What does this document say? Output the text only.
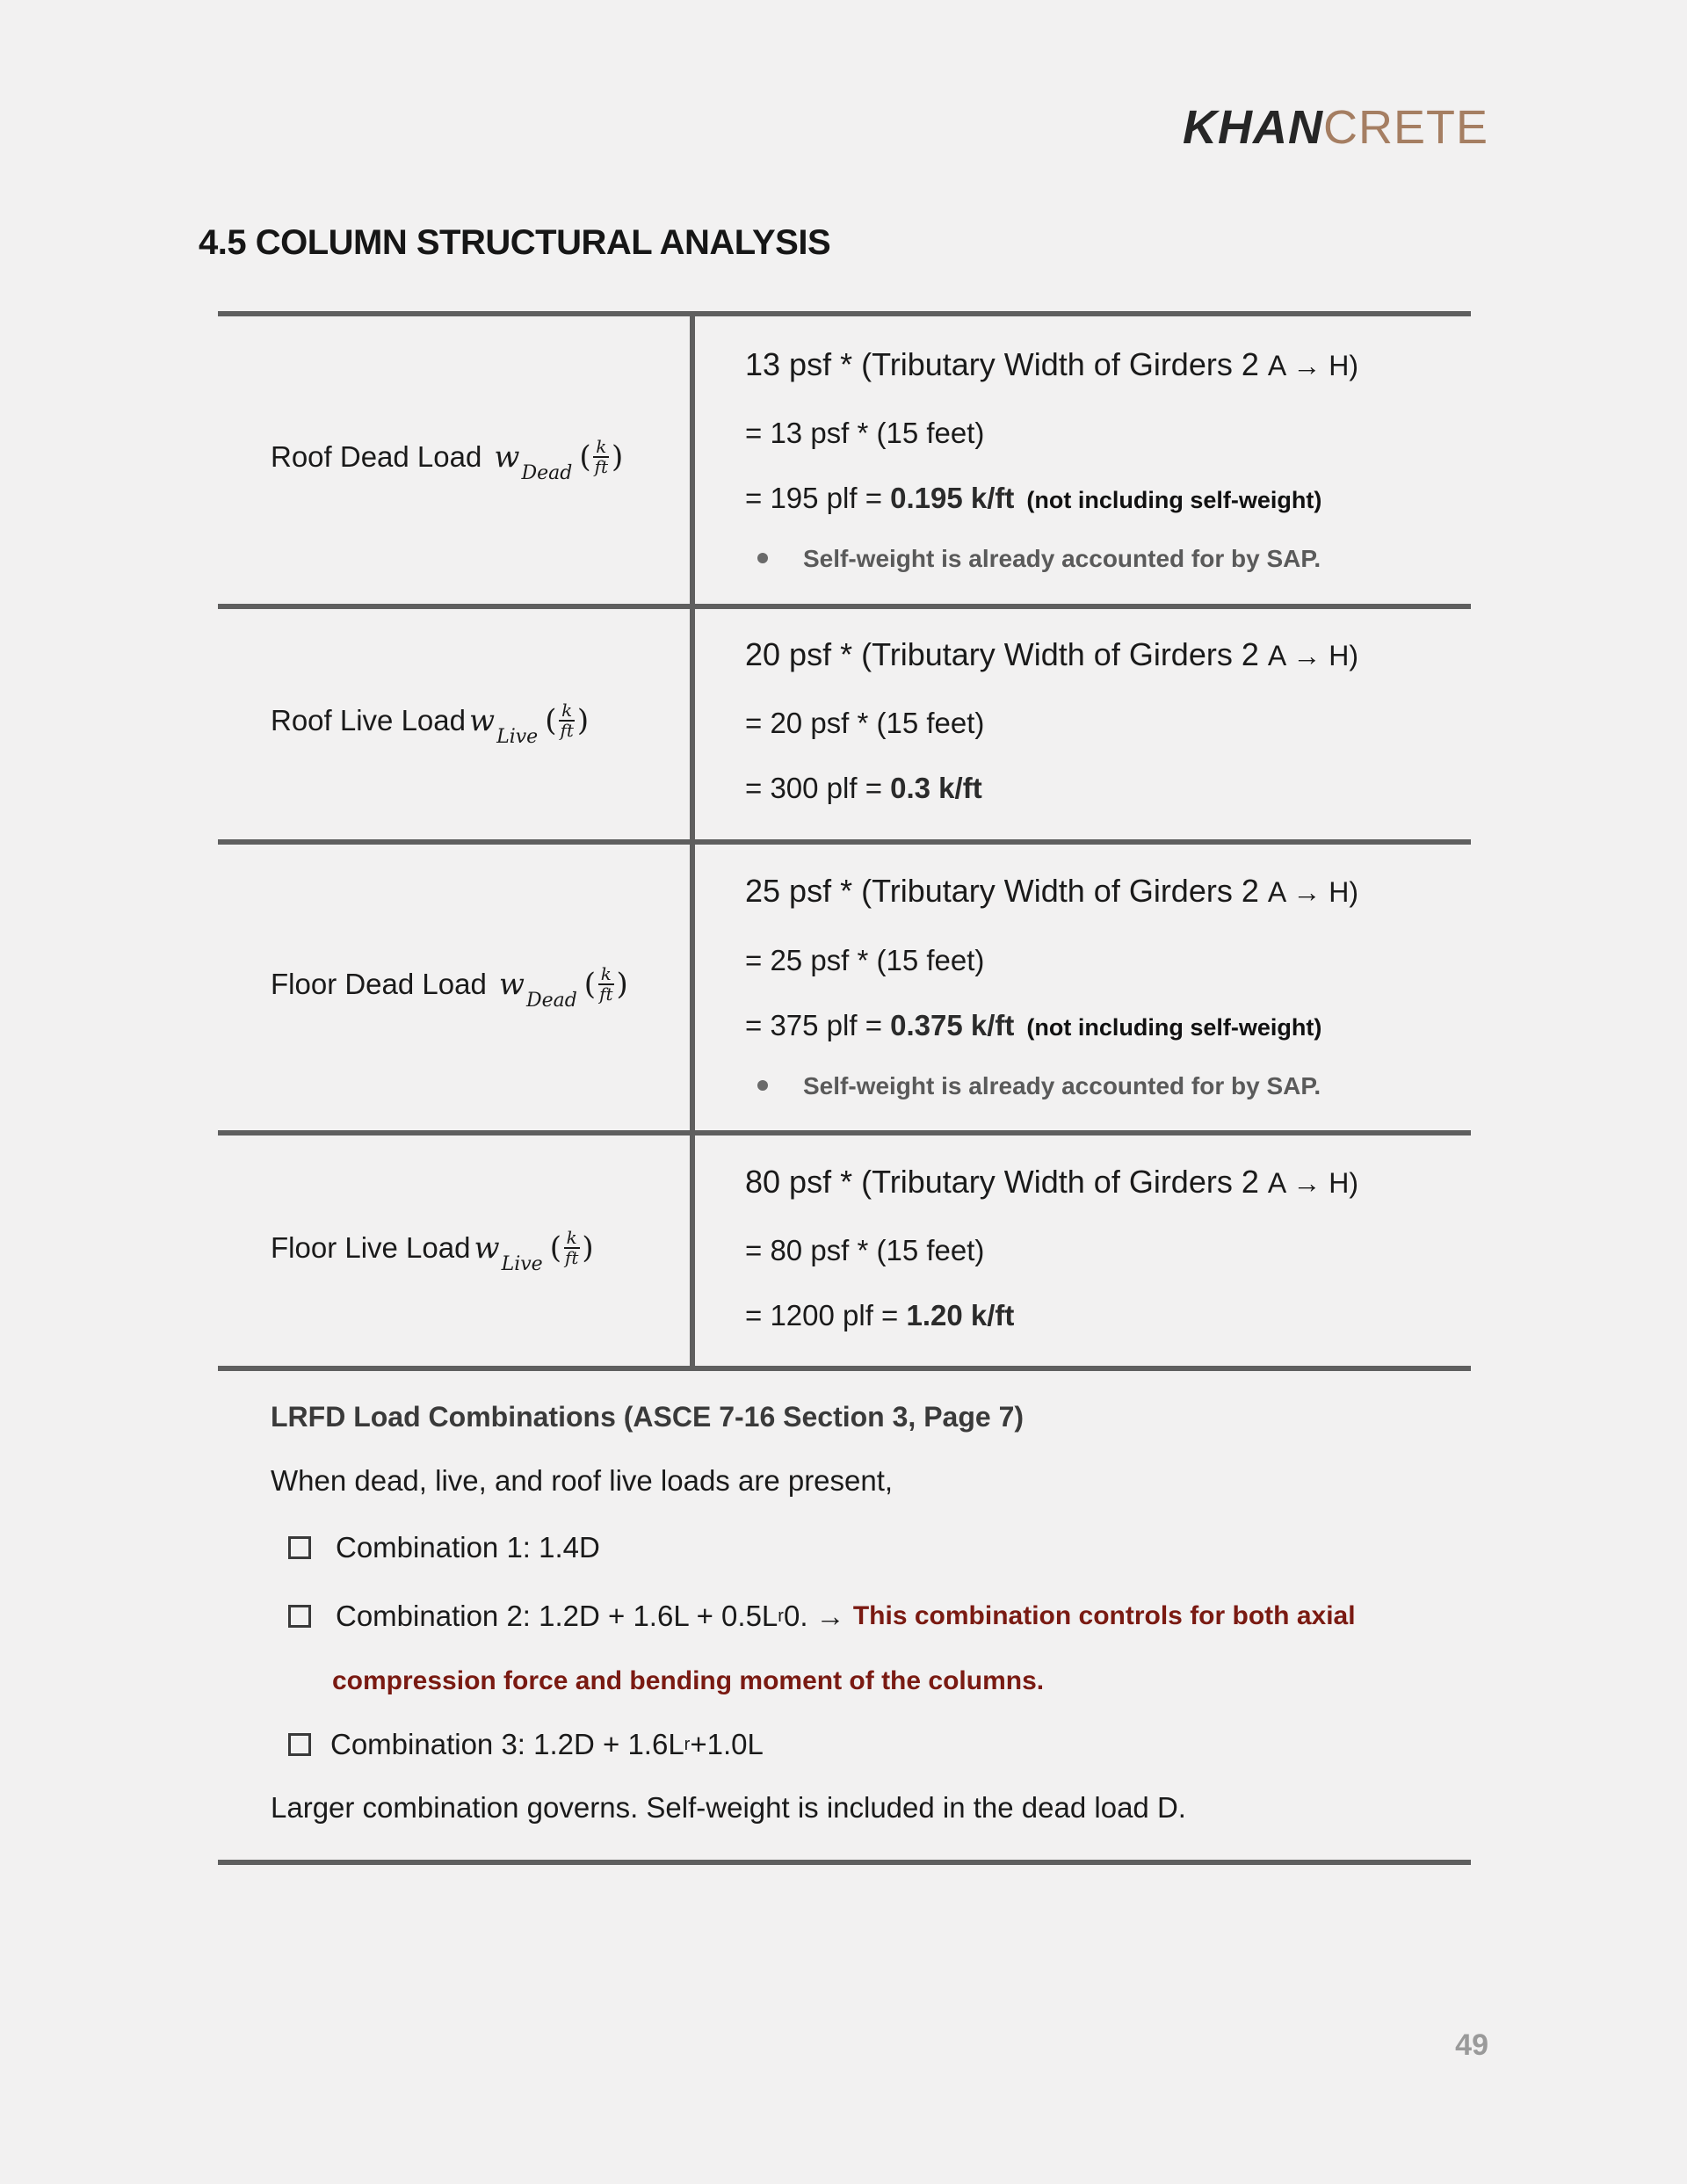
KHANCRETE
4.5 COLUMN STRUCTURAL ANALYSIS
Roof Dead Load w Dead ( $\frac{k}{ft}$ )
13 psf * (Tributary Width of Girders 2 A → H)
= 13 psf * (15 feet)
= 195 plf = 0.195 k/ft (not including self-weight)
Self-weight is already accounted for by SAP.
Roof Live Load w Live ( $\frac{k}{ft}$ )
20 psf * (Tributary Width of Girders 2 A → H)
= 20 psf * (15 feet)
= 300 plf = 0.3 k/ft
Floor Dead Load w Dead ( $\frac{k}{ft}$ )
25 psf * (Tributary Width of Girders 2 A → H)
= 25 psf * (15 feet)
= 375 plf = 0.375 k/ft (not including self-weight)
Self-weight is already accounted for by SAP.
Floor Live Load w Live ( $\frac{k}{ft}$ )
80 psf * (Tributary Width of Girders 2 A → H)
= 80 psf * (15 feet)
= 1200 plf = 1.20 k/ft
LRFD Load Combinations (ASCE 7-16 Section 3, Page 7)
When dead, live, and roof live loads are present,
Combination 1: 1.4D
Combination 2: 1.2D + 1.6L + 0.5L r 0. →
This combination controls for both axial
compression force and bending moment of the columns.
Combination 3: 1.2D + 1.6L r +1.0L
Larger combination governs. Self-weight is included in the dead load D.
49
